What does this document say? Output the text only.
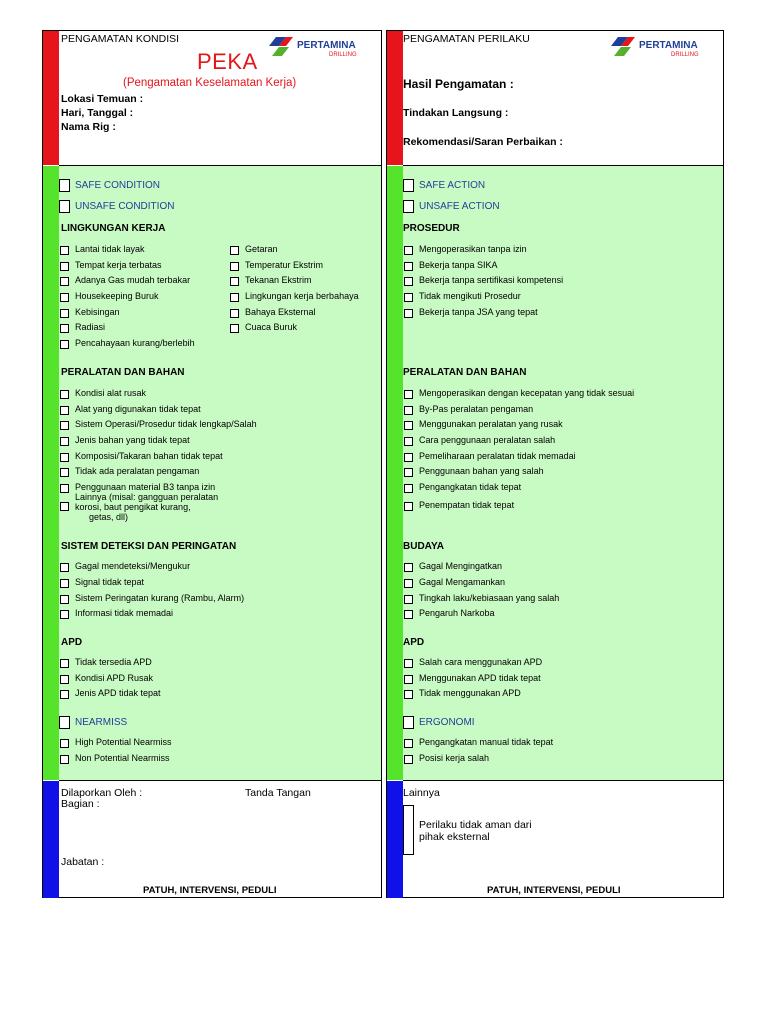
PENGAMATAN KONDISI
PERTAMINA
DRILLING
PEKA
(Pengamatan Keselamatan Kerja)
Lokasi Temuan :
Hari, Tanggal :
Nama Rig :
SAFE CONDITION
UNSAFE CONDITION
LINGKUNGAN KERJA
Lantai tidak layak
Tempat kerja terbatas
Adanya Gas mudah terbakar
Housekeeping Buruk
Kebisingan
Radiasi
Pencahayaan kurang/berlebih
Getaran
Temperatur Ekstrim
Tekanan Ekstrim
Lingkungan kerja berbahaya
Bahaya Eksternal
Cuaca Buruk
PERALATAN DAN BAHAN
Kondisi alat rusak
Alat yang digunakan tidak tepat
Sistem Operasi/Prosedur tidak lengkap/Salah
Jenis bahan yang tidak tepat
Komposisi/Takaran bahan tidak tepat
Tidak ada peralatan pengaman
Penggunaan material B3 tanpa izin
Lainnya (misal: gangguan peralatan
korosi, baut pengikat kurang,
getas, dll)
SISTEM DETEKSI DAN PERINGATAN
Gagal mendeteksi/Mengukur
Signal tidak tepat
Sistem Peringatan kurang (Rambu, Alarm)
Informasi tidak memadai
APD
Tidak tersedia APD
Kondisi APD Rusak
Jenis APD tidak tepat
NEARMISS
High Potential Nearmiss
Non Potential Nearmiss
Dilaporkan Oleh :	Tanda Tangan
Bagian :
Jabatan :
PATUH, INTERVENSI, PEDULI
PENGAMATAN PERILAKU
PERTAMINA
DRILLING
Hasil Pengamatan :
Tindakan Langsung :
Rekomendasi/Saran Perbaikan :
SAFE ACTION
UNSAFE ACTION
PROSEDUR
Mengoperasikan tanpa izin
Bekerja tanpa SIKA
Bekerja tanpa sertifikasi kompetensi
Tidak mengikuti Prosedur
Bekerja tanpa JSA yang tepat
PERALATAN DAN BAHAN
Mengoperasikan dengan kecepatan yang tidak sesuai
By-Pas peralatan pengaman
Menggunakan peralatan yang rusak
Cara penggunaan peralatan salah
Pemeliharaan peralatan tidak memadai
Penggunaan bahan yang salah
Pengangkatan tidak tepat
Penempatan tidak tepat
BUDAYA
Gagal Mengingatkan
Gagal Mengamankan
Tingkah laku/kebiasaan yang salah
Pengaruh Narkoba
APD
Salah cara menggunakan APD
Menggunakan APD tidak tepat
Tidak menggunakan APD
ERGONOMI
Pengangkatan manual tidak tepat
Posisi kerja salah
Lainnya
Perilaku tidak aman dari
pihak eksternal
PATUH, INTERVENSI, PEDULI
